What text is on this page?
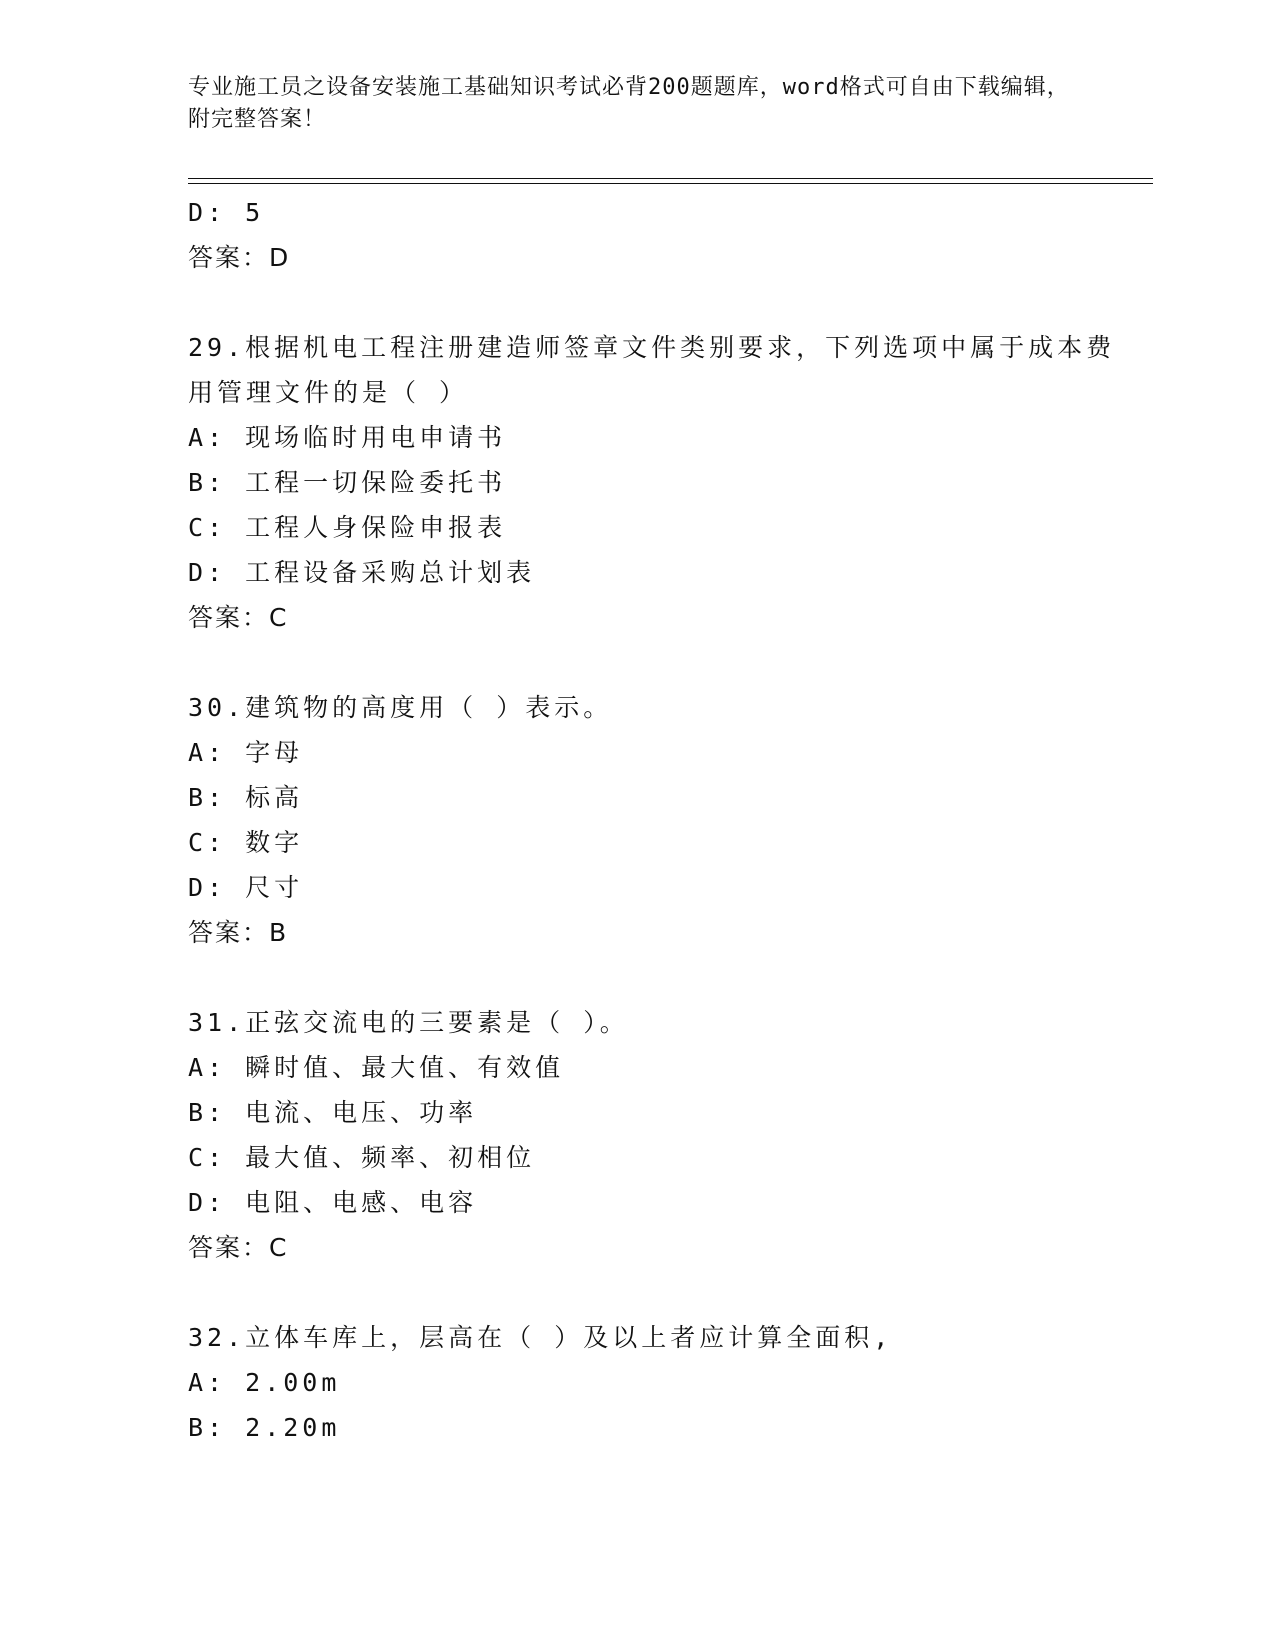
专业施工员之设备安装施工基础知识考试必背200题题库，word格式可自由下载编辑，附完整答案！
D: 5
答案：D
29.根据机电工程注册建造师签章文件类别要求，下列选项中属于成本费用管理文件的是（ ）
A: 现场临时用电申请书
B: 工程一切保险委托书
C: 工程人身保险申报表
D: 工程设备采购总计划表
答案：C
30.建筑物的高度用（ ）表示。
A: 字母
B: 标高
C: 数字
D: 尺寸
答案：B
31.正弦交流电的三要素是（ ）。
A: 瞬时值、最大值、有效值
B: 电流、电压、功率
C: 最大值、频率、初相位
D: 电阻、电感、电容
答案：C
32.立体车库上，层高在（ ）及以上者应计算全面积,
A: 2.00m
B: 2.20m
